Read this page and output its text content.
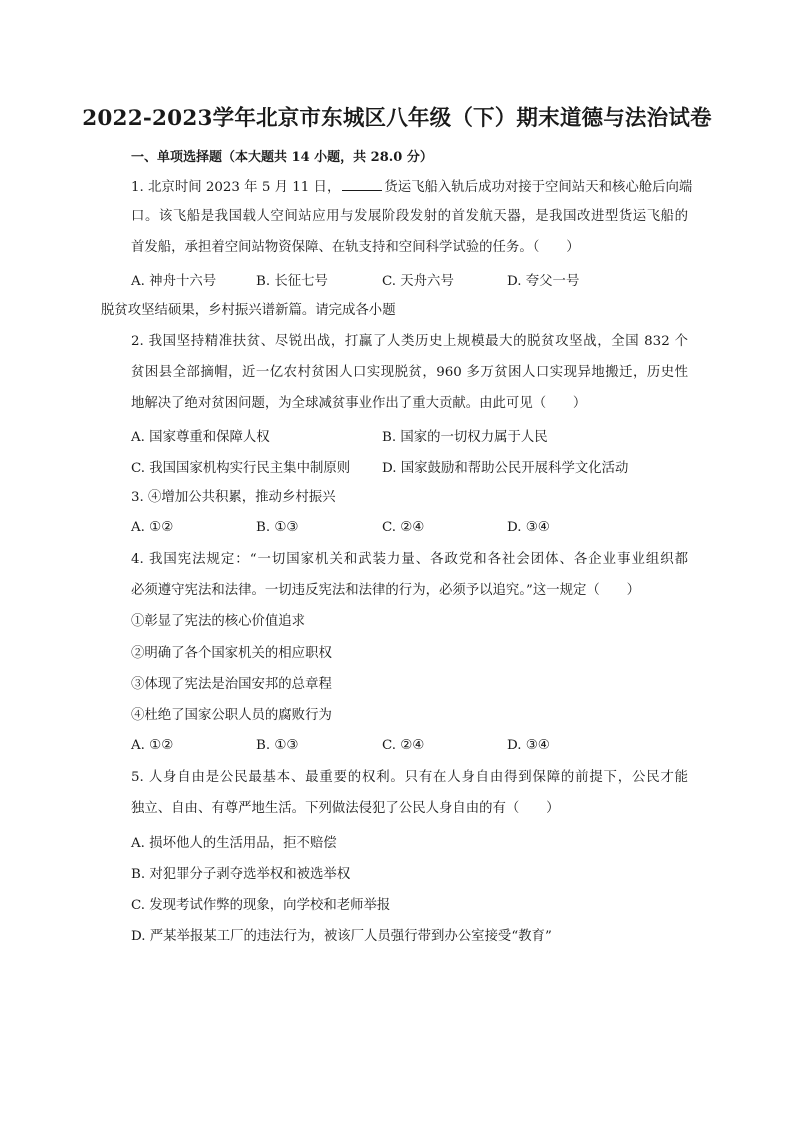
2022-2023学年北京市东城区八年级（下）期末道德与法治试卷
一、单项选择题（本大题共 14 小题，共 28.0 分）
1. 北京时间 2023 年 5 月 11 日，	货运飞船入轨后成功对接于空间站天和核心舱后向端
口。该飞船是我国载人空间站应用与发展阶段发射的首发航天器，是我国改进型货运飞船的
首发船，承担着空间站物资保障、在轨支持和空间科学试验的任务。（　　）
A. 神舟十六号	B. 长征七号	C. 天舟六号	D. 夸父一号
脱贫攻坚结硕果，乡村振兴谱新篇。请完成各小题
2. 我国坚持精准扶贫、尽锐出战，打赢了人类历史上规模最大的脱贫攻坚战，全国 832 个
贫困县全部摘帽，近一亿农村贫困人口实现脱贫，960 多万贫困人口实现异地搬迁，历史性
地解决了绝对贫困问题，为全球减贫事业作出了重大贡献。由此可见（　　）
A. 国家尊重和保障人权	B. 国家的一切权力属于人民
C. 我国国家机构实行民主集中制原则 D. 国家鼓励和帮助公民开展科学文化活动
3. ④增加公共积累，推动乡村振兴
A. ①②	B. ①③	C. ②④	D. ③④
4. 我国宪法规定：“一切国家机关和武装力量、各政党和各社会团体、各企业事业组织都
必须遵守宪法和法律。一切违反宪法和法律的行为，必须予以追究。”这一规定（　　）
①彰显了宪法的核心价值追求
②明确了各个国家机关的相应职权
③体现了宪法是治国安邦的总章程
④杜绝了国家公职人员的腐败行为
A. ①②	B. ①③	C. ②④	D. ③④
5. 人身自由是公民最基本、最重要的权利。只有在人身自由得到保障的前提下，公民才能
独立、自由、有尊严地生活。下列做法侵犯了公民人身自由的有（　　）
A. 损坏他人的生活用品，拒不赔偿
B. 对犯罪分子剥夺选举权和被选举权
C. 发现考试作弊的现象，向学校和老师举报
D. 严某举报某工厂的违法行为，被该厂人员强行带到办公室接受“教育”
